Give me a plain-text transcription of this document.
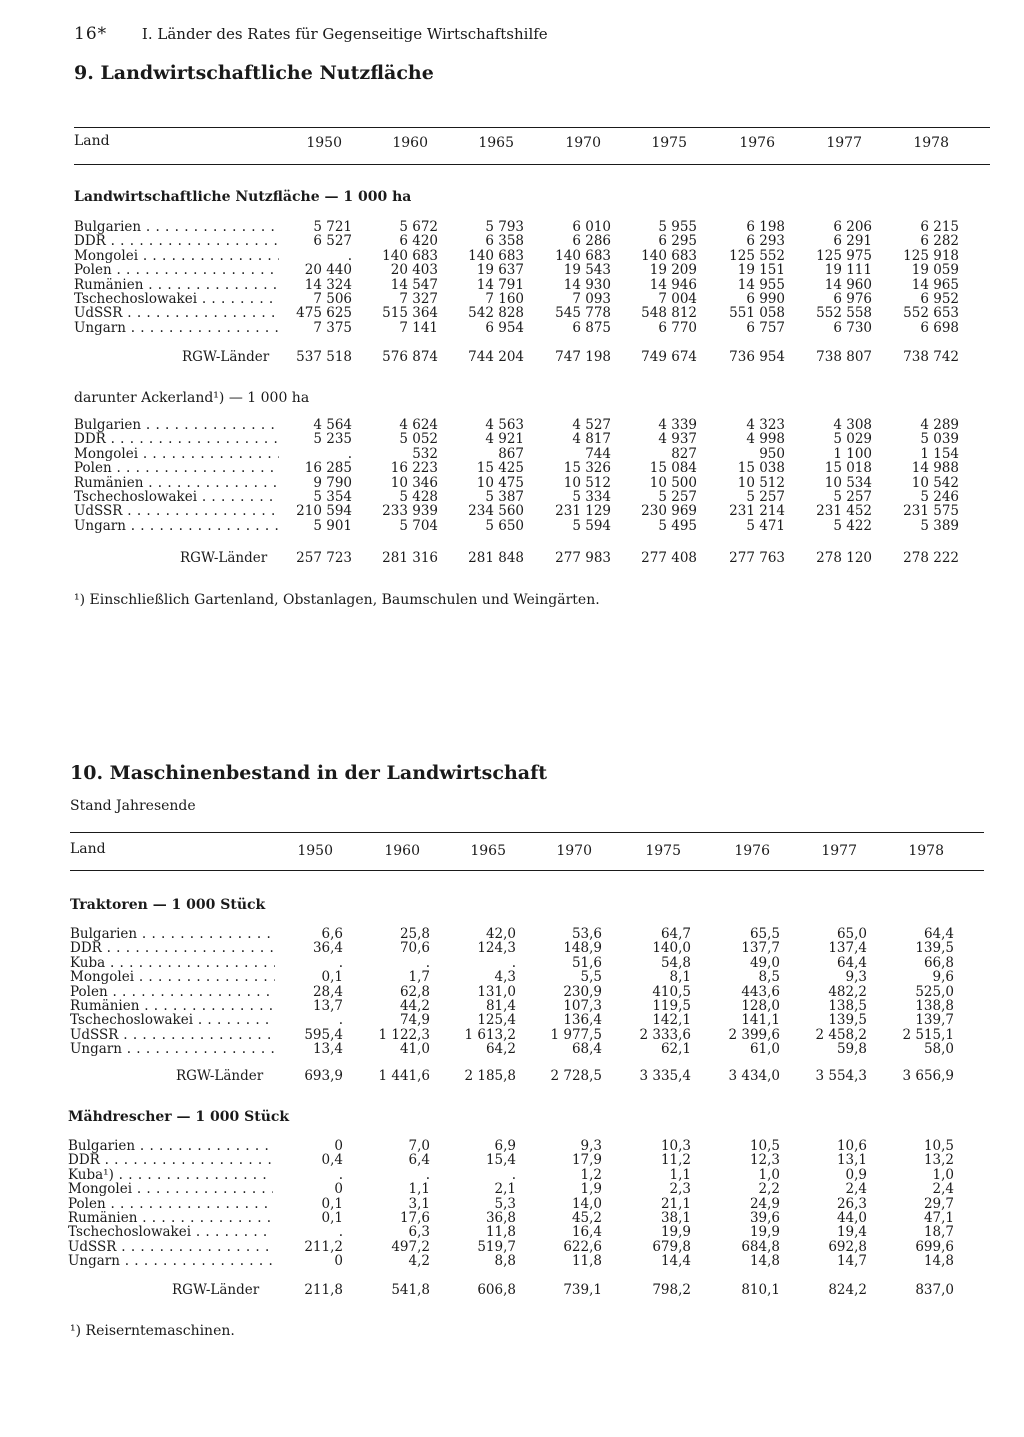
16* I. Länder des Rates für Gegenseitige Wirtschaftshilfe
9. Landwirtschaftliche Nutzfläche
Land	1950	1960	1965	1970	1975	1976	1977	1978
Landwirtschaftliche Nutzfläche — 1 000 ha
Bulgarien . . .	5 721	5 672	5 793	6 010	5 955	6 198	6 206	6 215
DDR . . .	6 527	6 420	6 358	6 286	6 295	6 293	6 291	6 282
Mongolei . . .	.	140 683	140 683	140 683	140 683	125 552	125 975	125 918
Polen . . .	20 440	20 403	19 637	19 543	19 209	19 151	19 111	19 059
Rumänien . . .	14 324	14 547	14 791	14 930	14 946	14 955	14 960	14 965
Tschechoslowakei . . .	7 506	7 327	7 160	7 093	7 004	6 990	6 976	6 952
UdSSR . . .	475 625	515 364	542 828	545 778	548 812	551 058	552 558	552 653
Ungarn . . .	7 375	7 141	6 954	6 875	6 770	6 757	6 730	6 698
RGW-Länder	537 518	576 874	744 204	747 198	749 674	736 954	738 807	738 742
darunter Ackerland¹) — 1 000 ha
Bulgarien . . .	4 564	4 624	4 563	4 527	4 339	4 323	4 308	4 289
DDR . . .	5 235	5 052	4 921	4 817	4 937	4 998	5 029	5 039
Mongolei . . .	.	532	867	744	827	950	1 100	1 154
Polen . . .	16 285	16 223	15 425	15 326	15 084	15 038	15 018	14 988
Rumänien . . .	9 790	10 346	10 475	10 512	10 500	10 512	10 534	10 542
Tschechoslowakei . . .	5 354	5 428	5 387	5 334	5 257	5 257	5 257	5 246
UdSSR . . .	210 594	233 939	234 560	231 129	230 969	231 214	231 452	231 575
Ungarn . . .	5 901	5 704	5 650	5 594	5 495	5 471	5 422	5 389
RGW-Länder	257 723	281 316	281 848	277 983	277 408	277 763	278 120	278 222
¹) Einschließlich Gartenland, Obstanlagen, Baumschulen und Weingärten.
10. Maschinenbestand in der Landwirtschaft
Stand Jahresende
Land	1950	1960	1965	1970	1975	1976	1977	1978
Traktoren — 1 000 Stück
Bulgarien . . .	6,6	25,8	42,0	53,6	64,7	65,5	65,0	64,4
DDR . . .	36,4	70,6	124,3	148,9	140,0	137,7	137,4	139,5
Kuba . . .	.	.	.	51,6	54,8	49,0	64,4	66,8
Mongolei . . .	0,1	1,7	4,3	5,5	8,1	8,5	9,3	9,6
Polen . . .	28,4	62,8	131,0	230,9	410,5	443,6	482,2	525,0
Rumänien . . .	13,7	44,2	81,4	107,3	119,5	128,0	138,5	138,8
Tschechoslowakei . . .	.	74,9	125,4	136,4	142,1	141,1	139,5	139,7
UdSSR . . .	595,4	1 122,3	1 613,2	1 977,5	2 333,6	2 399,6	2 458,2	2 515,1
Ungarn . . .	13,4	41,0	64,2	68,4	62,1	61,0	59,8	58,0
RGW-Länder	693,9	1 441,6	2 185,8	2 728,5	3 335,4	3 434,0	3 554,3	3 656,9
Mähdrescher — 1 000 Stück
Bulgarien . . .	0	7,0	6,9	9,3	10,3	10,5	10,6	10,5
DDR . . .	0,4	6,4	15,4	17,9	11,2	12,3	13,1	13,2
Kuba¹) . . .	.	.	.	1,2	1,1	1,0	0,9	1,0
Mongolei . . .	0	1,1	2,1	1,9	2,3	2,2	2,4	2,4
Polen . . .	0,1	3,1	5,3	14,0	21,1	24,9	26,3	29,7
Rumänien . . .	0,1	17,6	36,8	45,2	38,1	39,6	44,0	47,1
Tschechoslowakei . . .	.	6,3	11,8	16,4	19,9	19,9	19,4	18,7
UdSSR . . .	211,2	497,2	519,7	622,6	679,8	684,8	692,8	699,6
Ungarn . . .	0	4,2	8,8	11,8	14,4	14,8	14,7	14,8
RGW-Länder	211,8	541,8	606,8	739,1	798,2	810,1	824,2	837,0
¹) Reiserntemaschinen.
